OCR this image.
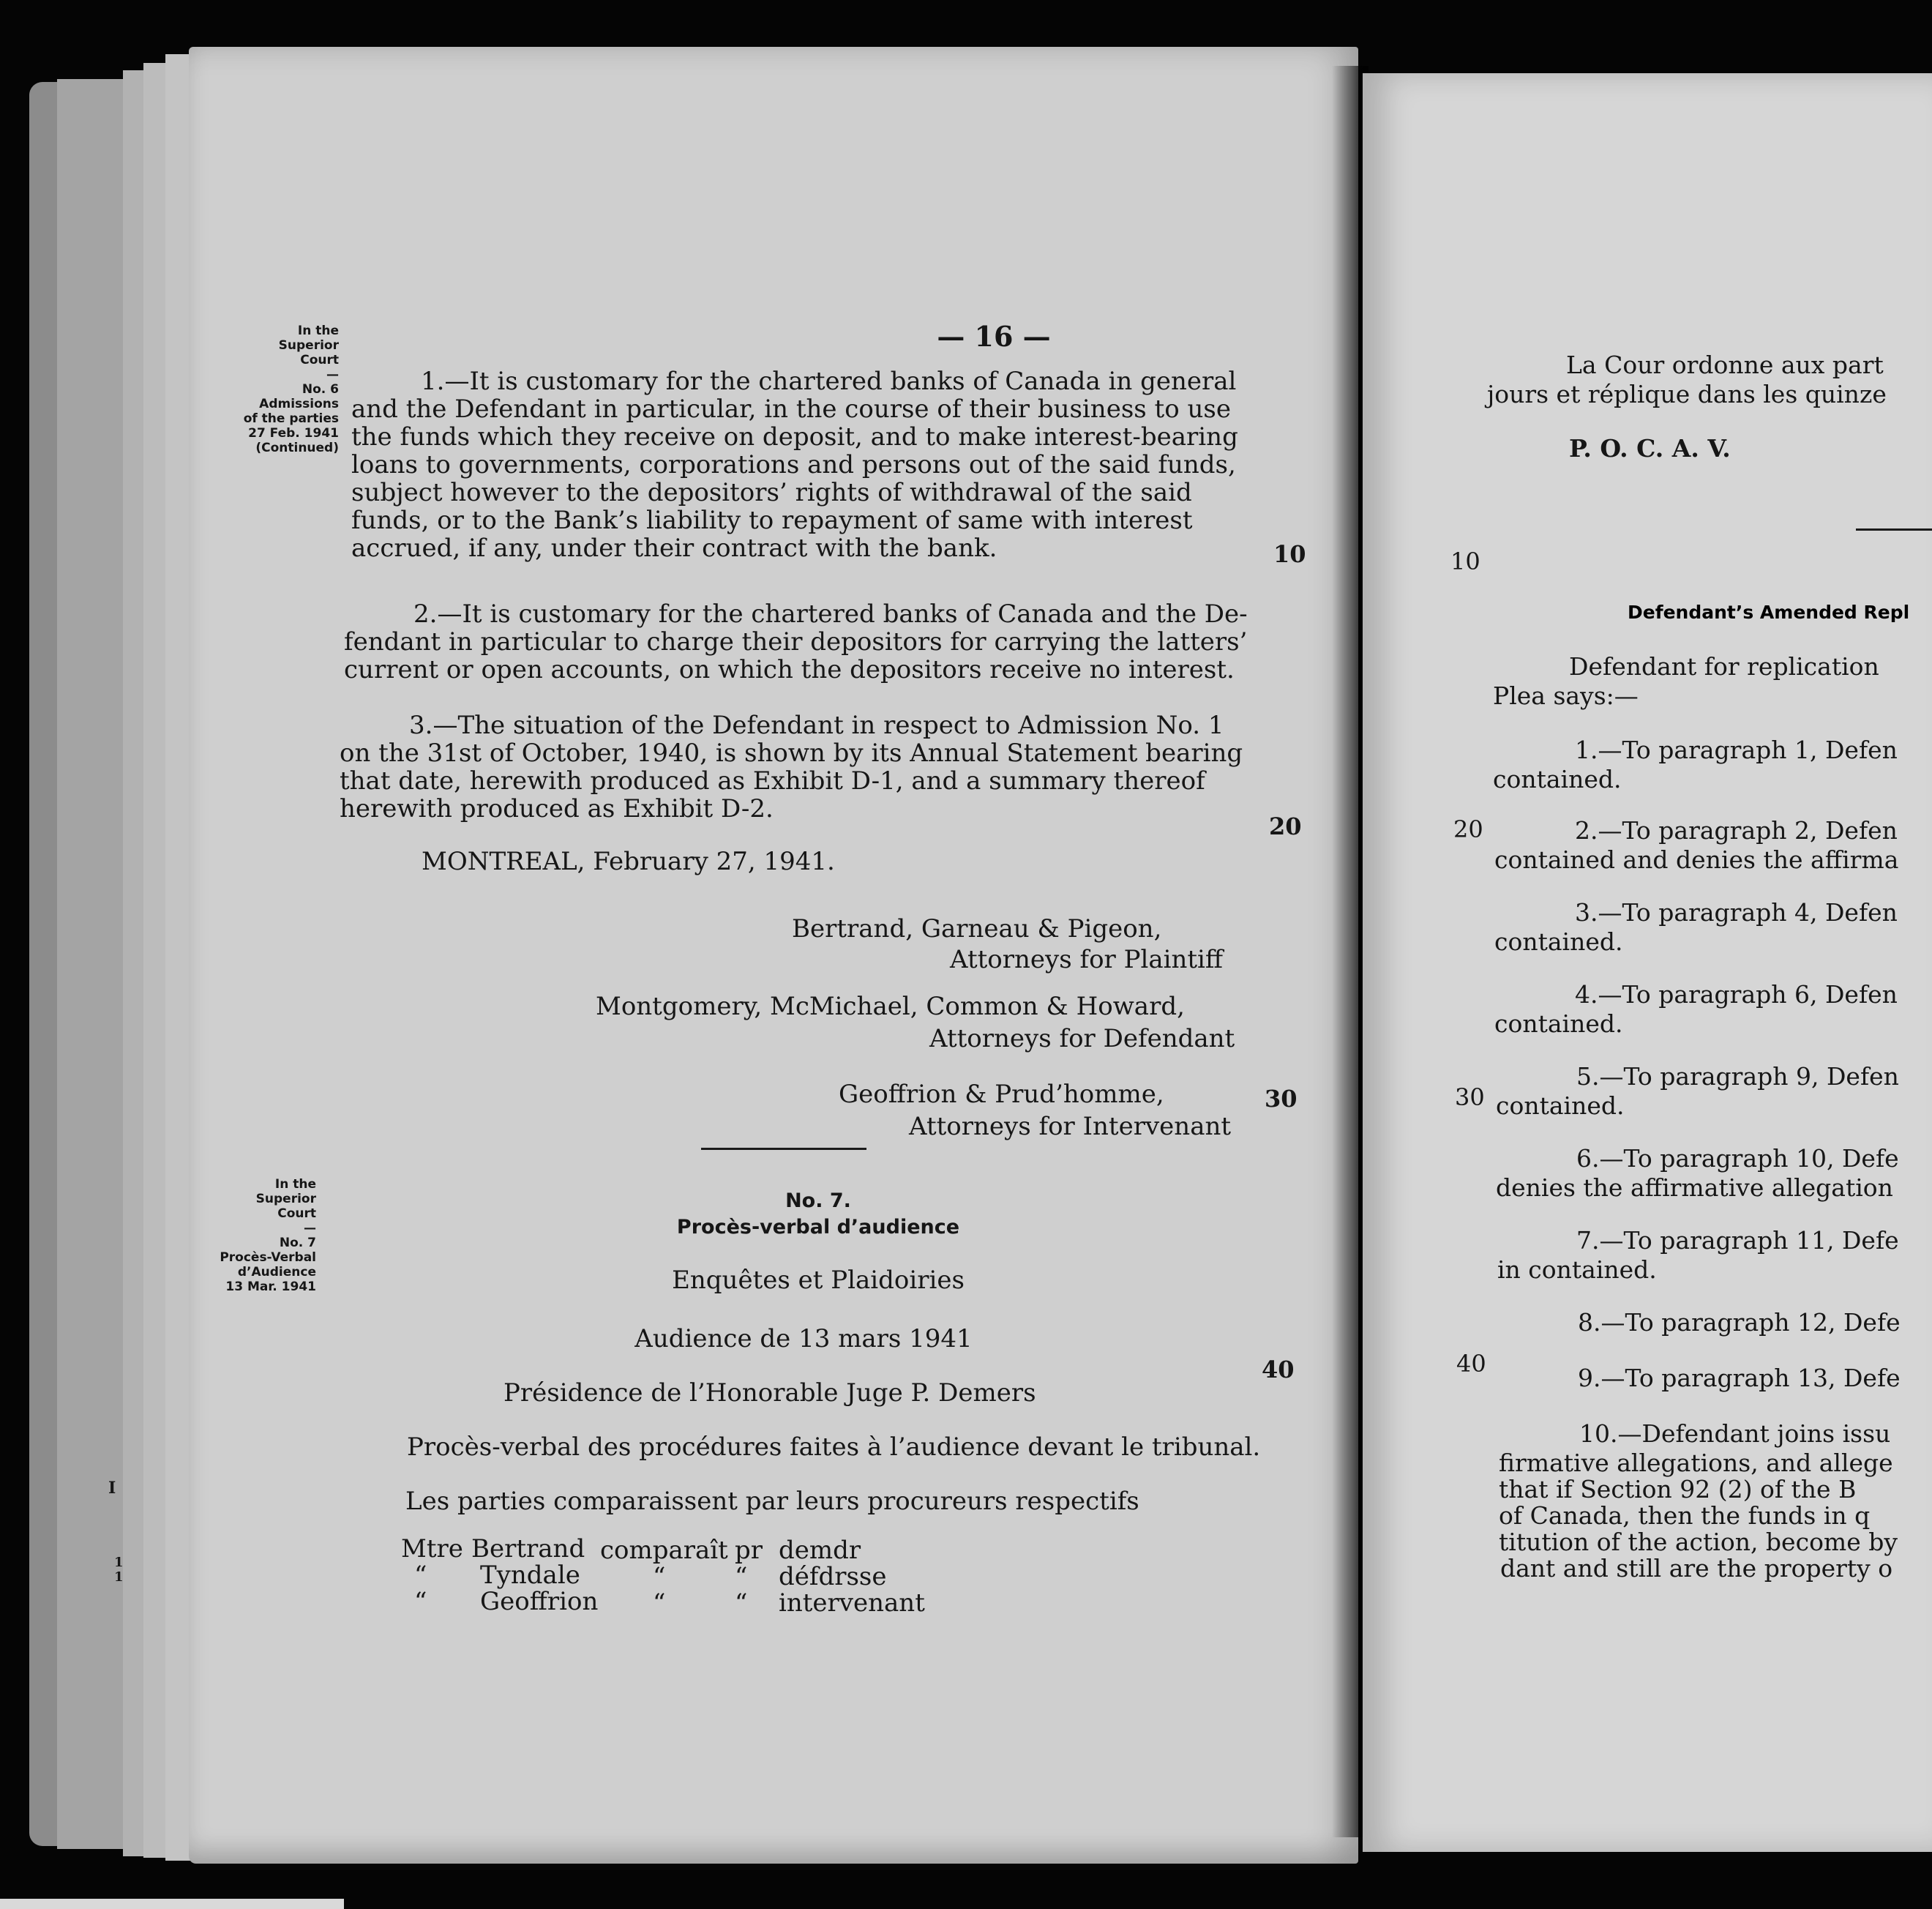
I
1
1
— 16 —
In the
Superior
Court
—
No. 6
Admissions
of the parties
27 Feb. 1941
(Continued)
1.—It is customary for the chartered banks of Canada in general
and the Defendant in particular, in the course of their business to use
the funds which they receive on deposit, and to make interest-bearing
loans to governments, corporations and persons out of the said funds,
subject however to the depositors’ rights of withdrawal of the said
funds, or to the Bank’s liability to repayment of same with interest
accrued, if any, under their contract with the bank.
2.—It is customary for the chartered banks of Canada and the De-
fendant in particular to charge their depositors for carrying the latters’
current or open accounts, on which the depositors receive no interest.
3.—The situation of the Defendant in respect to Admission No. 1
on the 31st of October, 1940, is shown by its Annual Statement bearing
that date, herewith produced as Exhibit D-1, and a summary thereof
herewith produced as Exhibit D-2.
MONTREAL, February 27, 1941.
Bertrand, Garneau & Pigeon,
Attorneys for Plaintiff
Montgomery, McMichael, Common & Howard,
Attorneys for Defendant
Geoffrion & Prud’homme,
Attorneys for Intervenant
In the
Superior
Court
—
No. 7
Procès-Verbal
d’Audience
13 Mar. 1941
No. 7.
Procès-verbal d’audience
Enquêtes et Plaidoiries
Audience de 13 mars 1941
Présidence de l’Honorable Juge P. Demers
Procès-verbal des procédures faites à l’audience devant le tribunal.
Les parties comparaissent par leurs procureurs respectifs
Mtre
“
“
Bertrand
Tyndale
Geoffrion
comparaît
“
“
pr
“
“
demdr
défdrsse
intervenant
10
20
30
40
La Cour ordonne aux part
jours et réplique dans les quinze
P. O. C. A. V.
10
Defendant’s Amended Repl
Defendant for replication
Plea says:—
1.—To paragraph 1, Defen
contained.
20	2.—To paragraph 2, Defen
contained and denies the affirma
3.—To paragraph 4, Defen
contained.
4.—To paragraph 6, Defen
contained.
30
5.—To paragraph 9, Defen
contained.
6.—To paragraph 10, Defe
denies the affirmative allegation
7.—To paragraph 11, Defe
in contained.
8.—To paragraph 12, Defe
40	9.—To paragraph 13, Defe
10.—Defendant joins issu
firmative allegations, and allege
that if Section 92 (2) of the B
of Canada, then the funds in q
titution of the action, become by
dant and still are the property o
